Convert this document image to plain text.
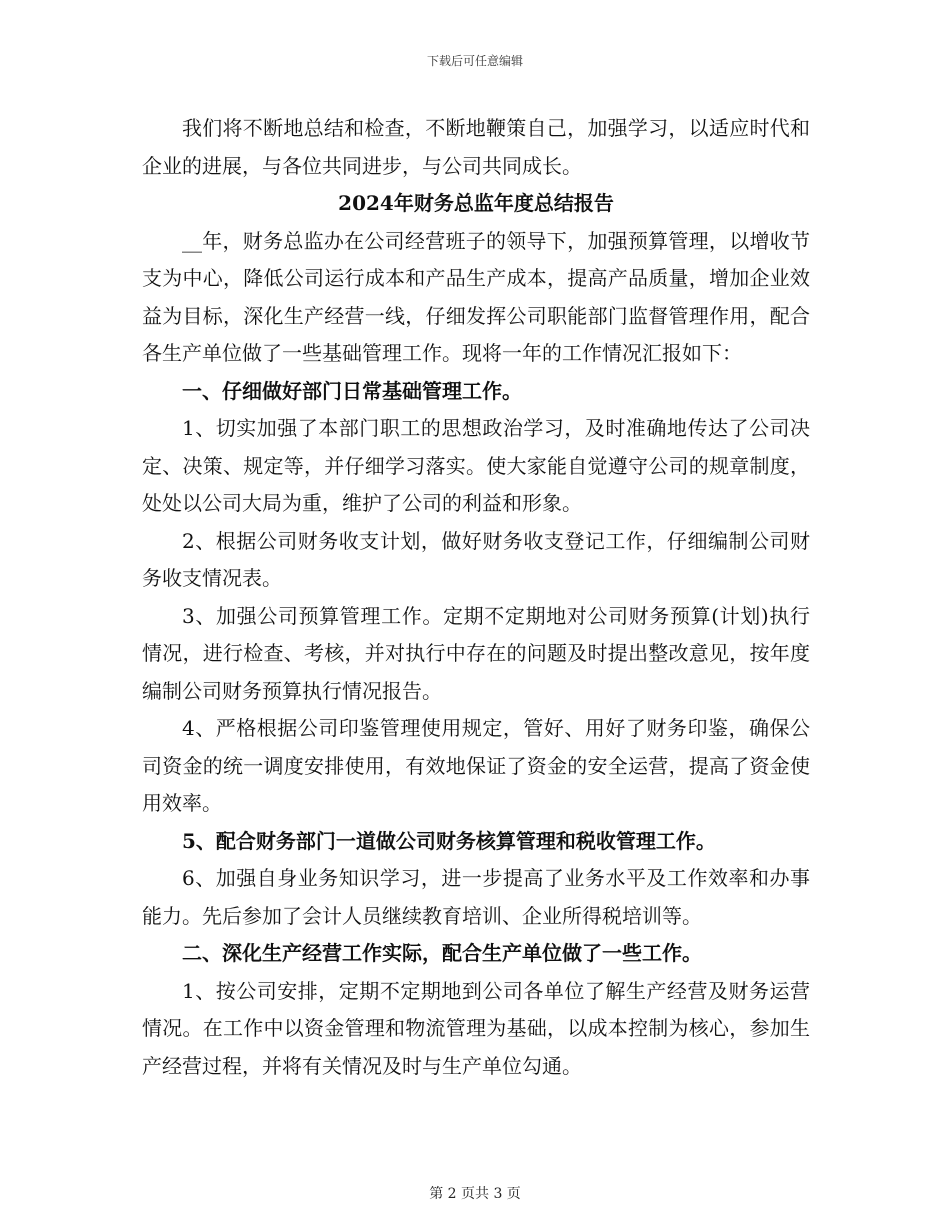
下载后可任意编辑

我们将不断地总结和检查，不断地鞭策自己，加强学习，以适应时代和企业的进展，与各位共同进步，与公司共同成长。

2024年财务总监年度总结报告

__年，财务总监办在公司经营班子的领导下，加强预算管理，以增收节支为中心，降低公司运行成本和产品生产成本，提高产品质量，增加企业效益为目标，深化生产经营一线，仔细发挥公司职能部门监督管理作用，配合各生产单位做了一些基础管理工作。现将一年的工作情况汇报如下：

一、仔细做好部门日常基础管理工作。

1、切实加强了本部门职工的思想政治学习，及时准确地传达了公司决定、决策、规定等，并仔细学习落实。使大家能自觉遵守公司的规章制度，处处以公司大局为重，维护了公司的利益和形象。

2、根据公司财务收支计划，做好财务收支登记工作，仔细编制公司财务收支情况表。

3、加强公司预算管理工作。定期不定期地对公司财务预算(计划)执行情况，进行检查、考核，并对执行中存在的问题及时提出整改意见，按年度编制公司财务预算执行情况报告。

4、严格根据公司印鉴管理使用规定，管好、用好了财务印鉴，确保公司资金的统一调度安排使用，有效地保证了资金的安全运营，提高了资金使用效率。

5、配合财务部门一道做公司财务核算管理和税收管理工作。

6、加强自身业务知识学习，进一步提高了业务水平及工作效率和办事能力。先后参加了会计人员继续教育培训、企业所得税培训等。

二、深化生产经营工作实际，配合生产单位做了一些工作。

1、按公司安排，定期不定期地到公司各单位了解生产经营及财务运营情况。在工作中以资金管理和物流管理为基础，以成本控制为核心，参加生产经营过程，并将有关情况及时与生产单位勾通。

第 2 页共 3 页
